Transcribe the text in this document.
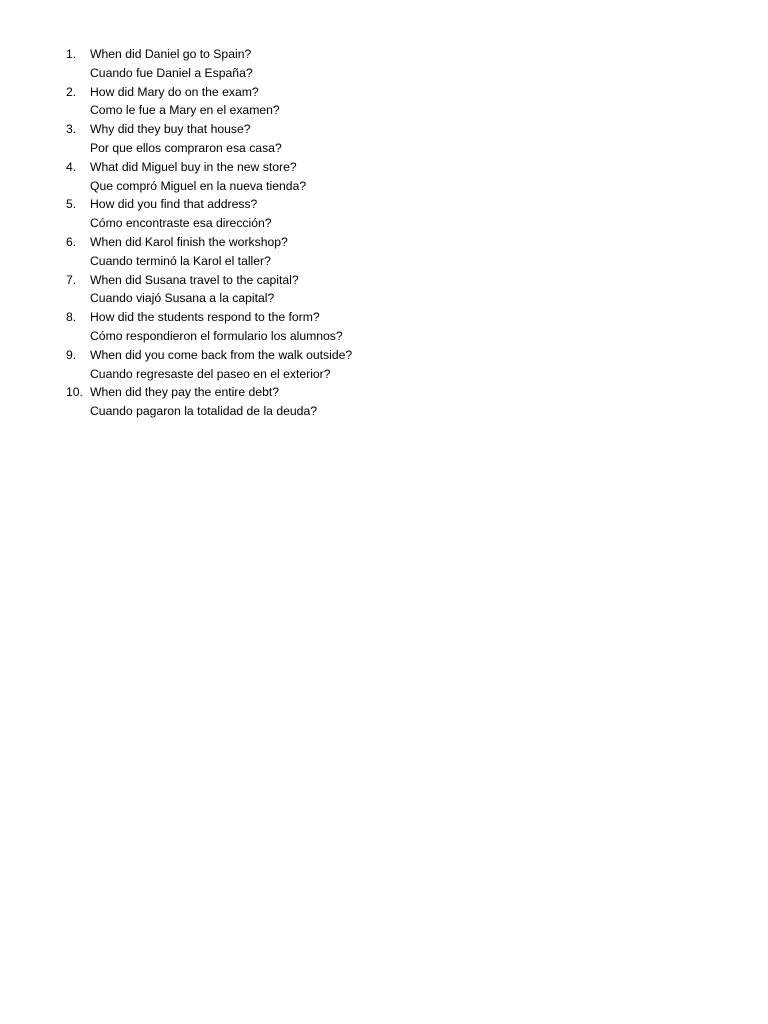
1.	When did Daniel go to Spain?
Cuando fue Daniel a España?
2.	How did Mary do on the exam?
Como le fue a Mary en el examen?
3.	Why did they buy that house?
Por que ellos compraron esa casa?
4.	What did Miguel buy in the new store?
Que compró Miguel en la nueva tienda?
5.	How did you find that address?
Cómo encontraste esa dirección?
6.	When did Karol finish the workshop?
Cuando terminó la Karol el taller?
7.	When did Susana travel to the capital?
Cuando viajó Susana a la capital?
8.	How did the students respond to the form?
Cómo respondieron el formulario los alumnos?
9.	When did you come back from the walk outside?
Cuando regresaste del paseo en el exterior?
10. When did they pay the entire debt?
Cuando pagaron la totalidad de la deuda?
